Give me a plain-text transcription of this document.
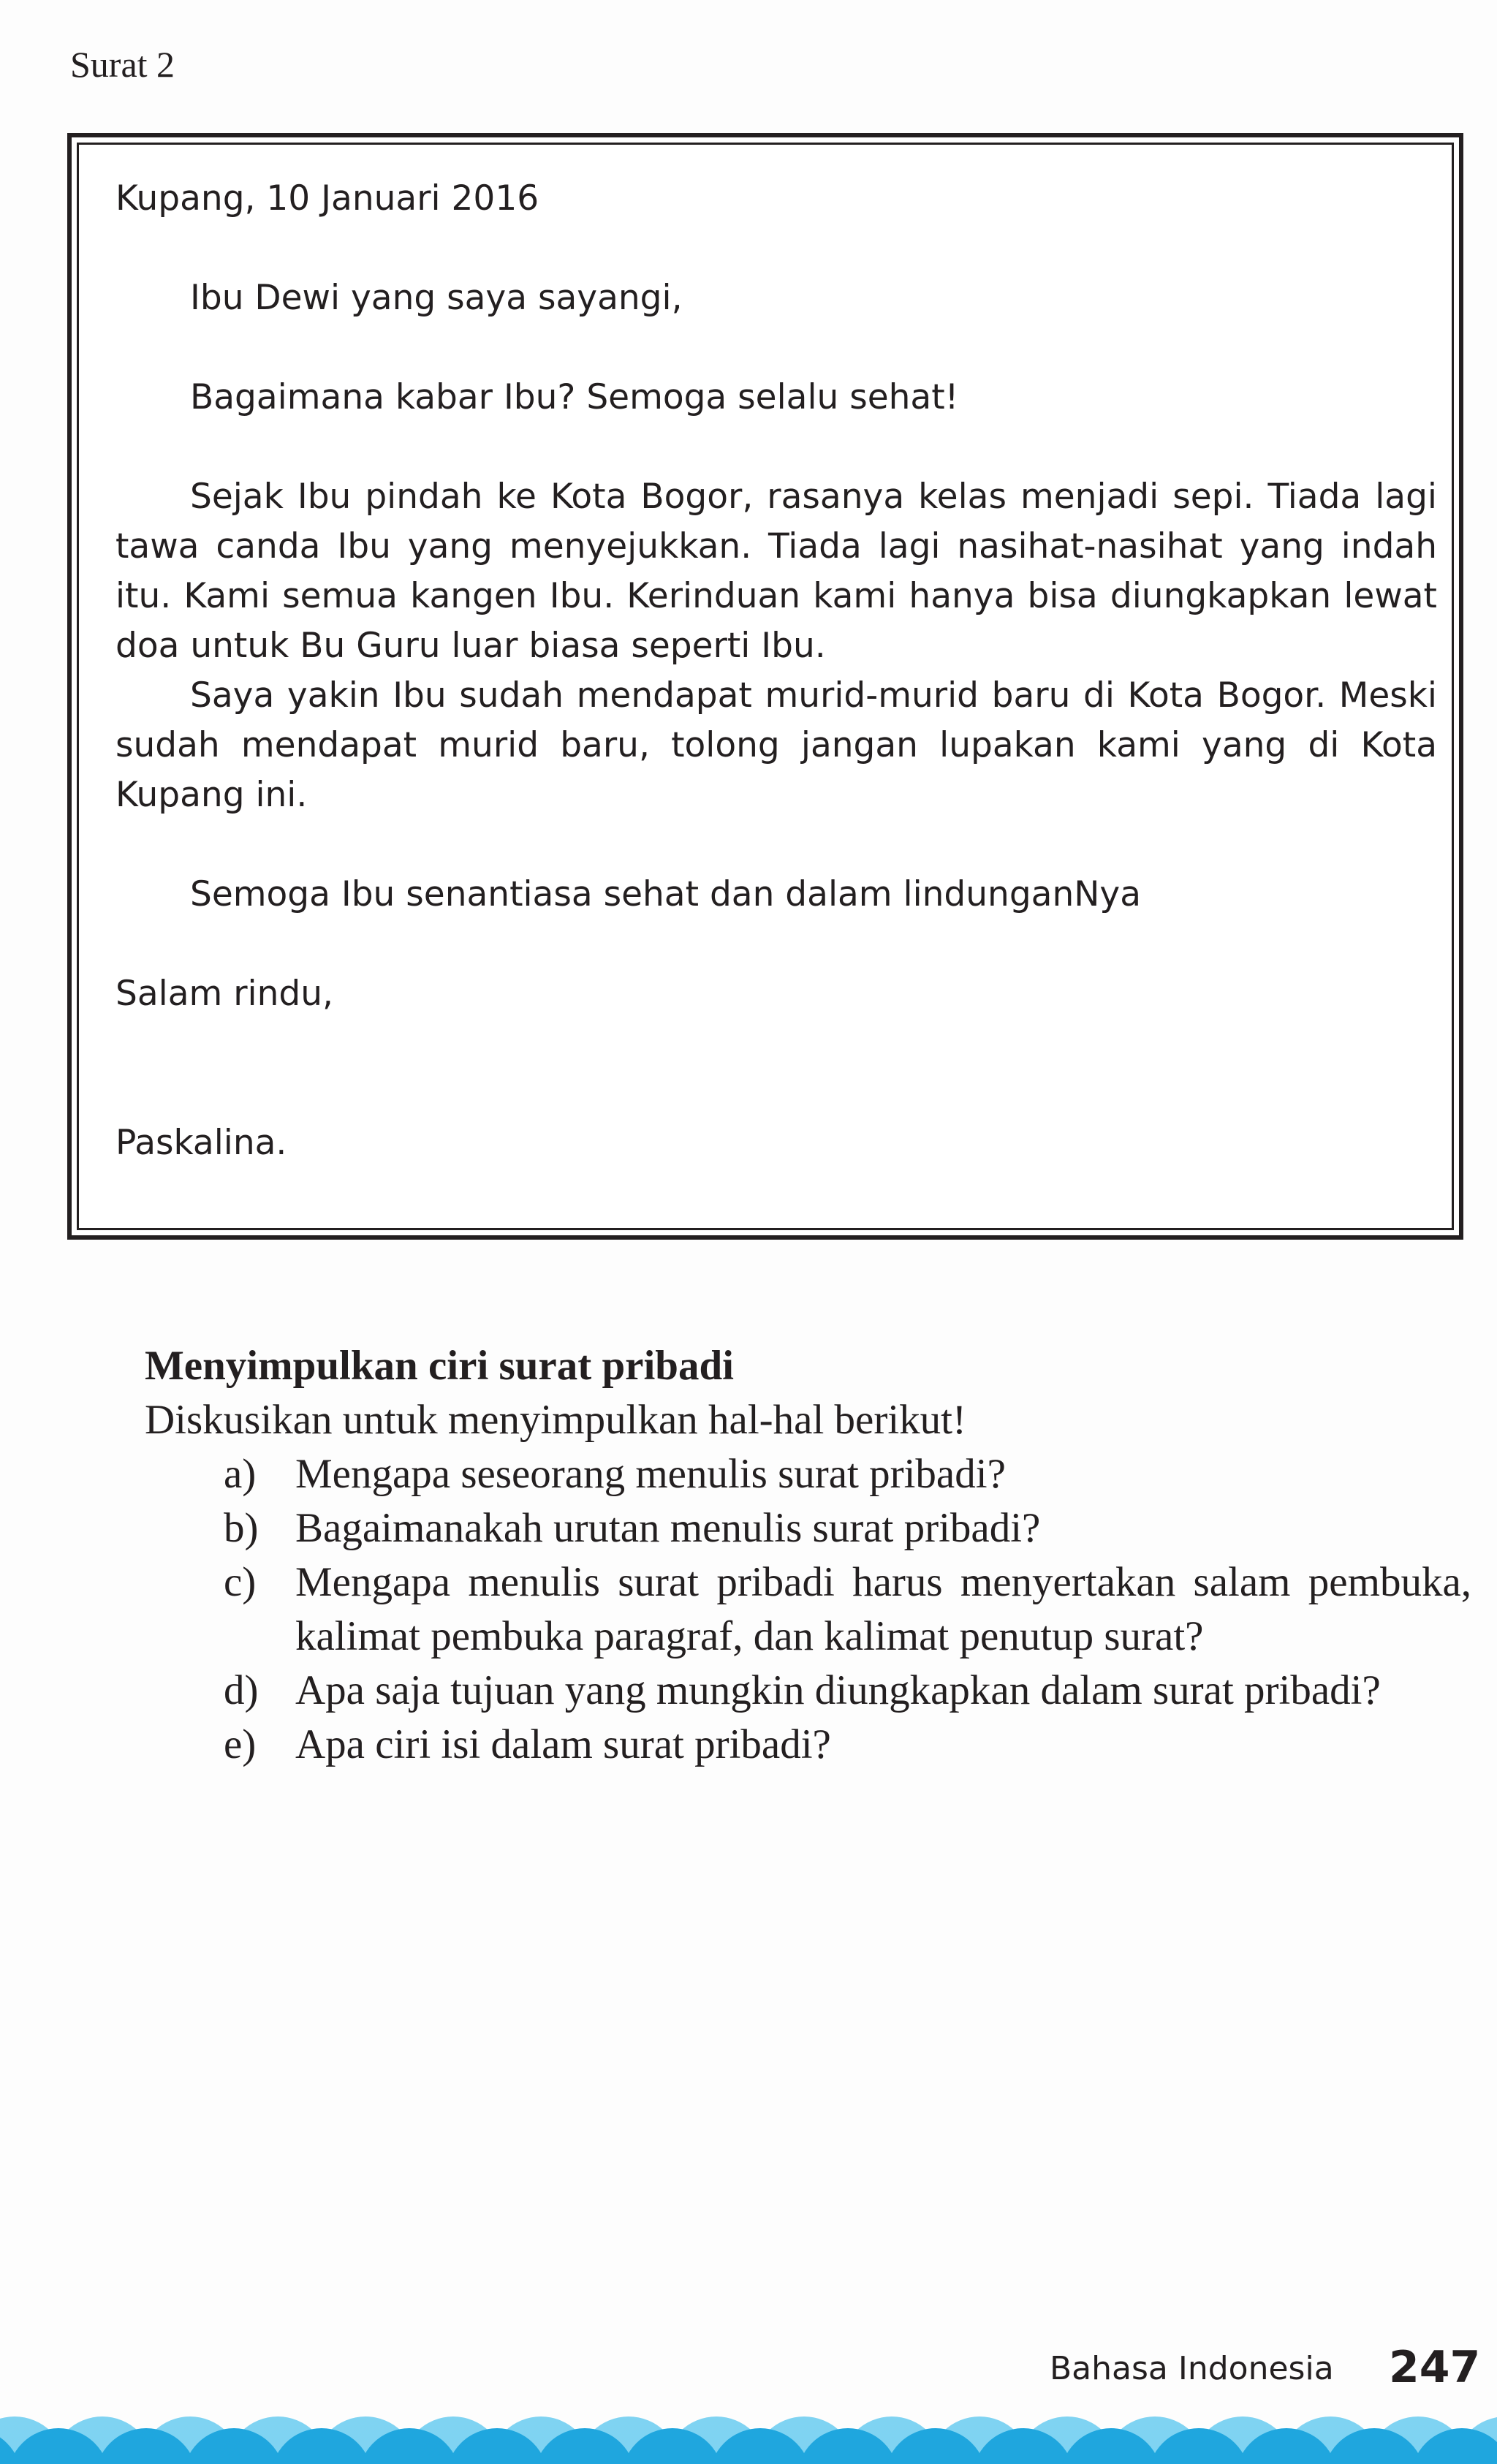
Surat 2

Kupang, 10 Januari 2016

Ibu Dewi yang saya sayangi,

Bagaimana kabar Ibu? Semoga selalu sehat!

Sejak Ibu pindah ke Kota Bogor, rasanya kelas menjadi sepi. Tiada lagi tawa canda Ibu yang menyejukkan. Tiada lagi nasihat-nasihat yang indah itu. Kami semua kangen Ibu. Kerinduan kami hanya bisa diungkapkan lewat doa untuk Bu Guru luar biasa seperti Ibu.

Saya yakin Ibu sudah mendapat murid-murid baru di Kota Bogor. Meski sudah mendapat murid baru, tolong jangan lupakan kami yang di Kota Kupang ini.

Semoga Ibu senantiasa sehat dan dalam lindunganNya

Salam rindu,

Paskalina.

Menyimpulkan ciri surat pribadi

Diskusikan untuk menyimpulkan hal-hal berikut!

a) Mengapa seseorang menulis surat pribadi?
b) Bagaimanakah urutan menulis surat pribadi?
c) Mengapa menulis surat pribadi harus menyertakan salam pembuka, kalimat pembuka paragraf, dan kalimat penutup surat?
d) Apa saja tujuan yang mungkin diungkapkan dalam surat pribadi?
e) Apa ciri isi dalam surat pribadi?
Bahasa Indonesia 247
